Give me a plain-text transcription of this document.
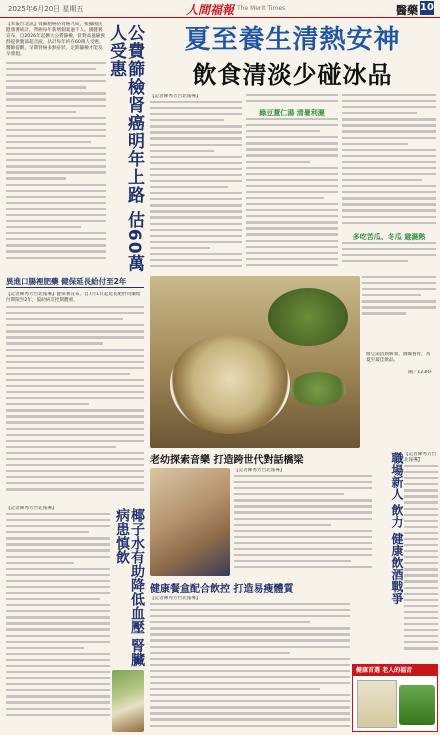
2025年6月20日 星期五	人間福報 The Merit Times	醫藥 10
【本報台北訊】腎細胞癌佔肾癌九成，根據國民健康署統計，肾癌每年新增個案逾千人。國健署宣布，自2026年起擴大公費篩檢，針對高風險族群提供腹部超音波，估計每年約有60萬人受惠。醫師提醒，早期肾癌多無症狀，定期篩檢才能及早發現。	公費篩檢肾癌明年上路 估60萬人受惠
異進口腸裡肥藥 健保延長給付至2年
【記者陳秀芳台北報導】健保署宣布，自7月1日起延長肥胖用藥給付期限至2年，協助病友控制體重。
【記者陳秀芳台北報導】	椰子水有助降低血壓 腎臟病患慎飲
夏至養生清熱安神
飲食清淡少碰冰品
【記者陳秀芳台北報導】
綠豆薏仁湯 清暑利濕
多吃苦瓜、冬瓜 避濕熱
綠豆湯清熱解暑、潤燥養胃，為夏至最佳飲品。
圖／123RF
老幼探索音樂 打造跨世代對話橋梁
【記者陳秀芳台北報導】	職場新人 飲力 健康飲酒戰爭 【記者陳秀芳台北報導】
健康餐盒配合飲控 打造易瘦體質
【記者陳秀芳台北報導】
健康首選 老人的福音
